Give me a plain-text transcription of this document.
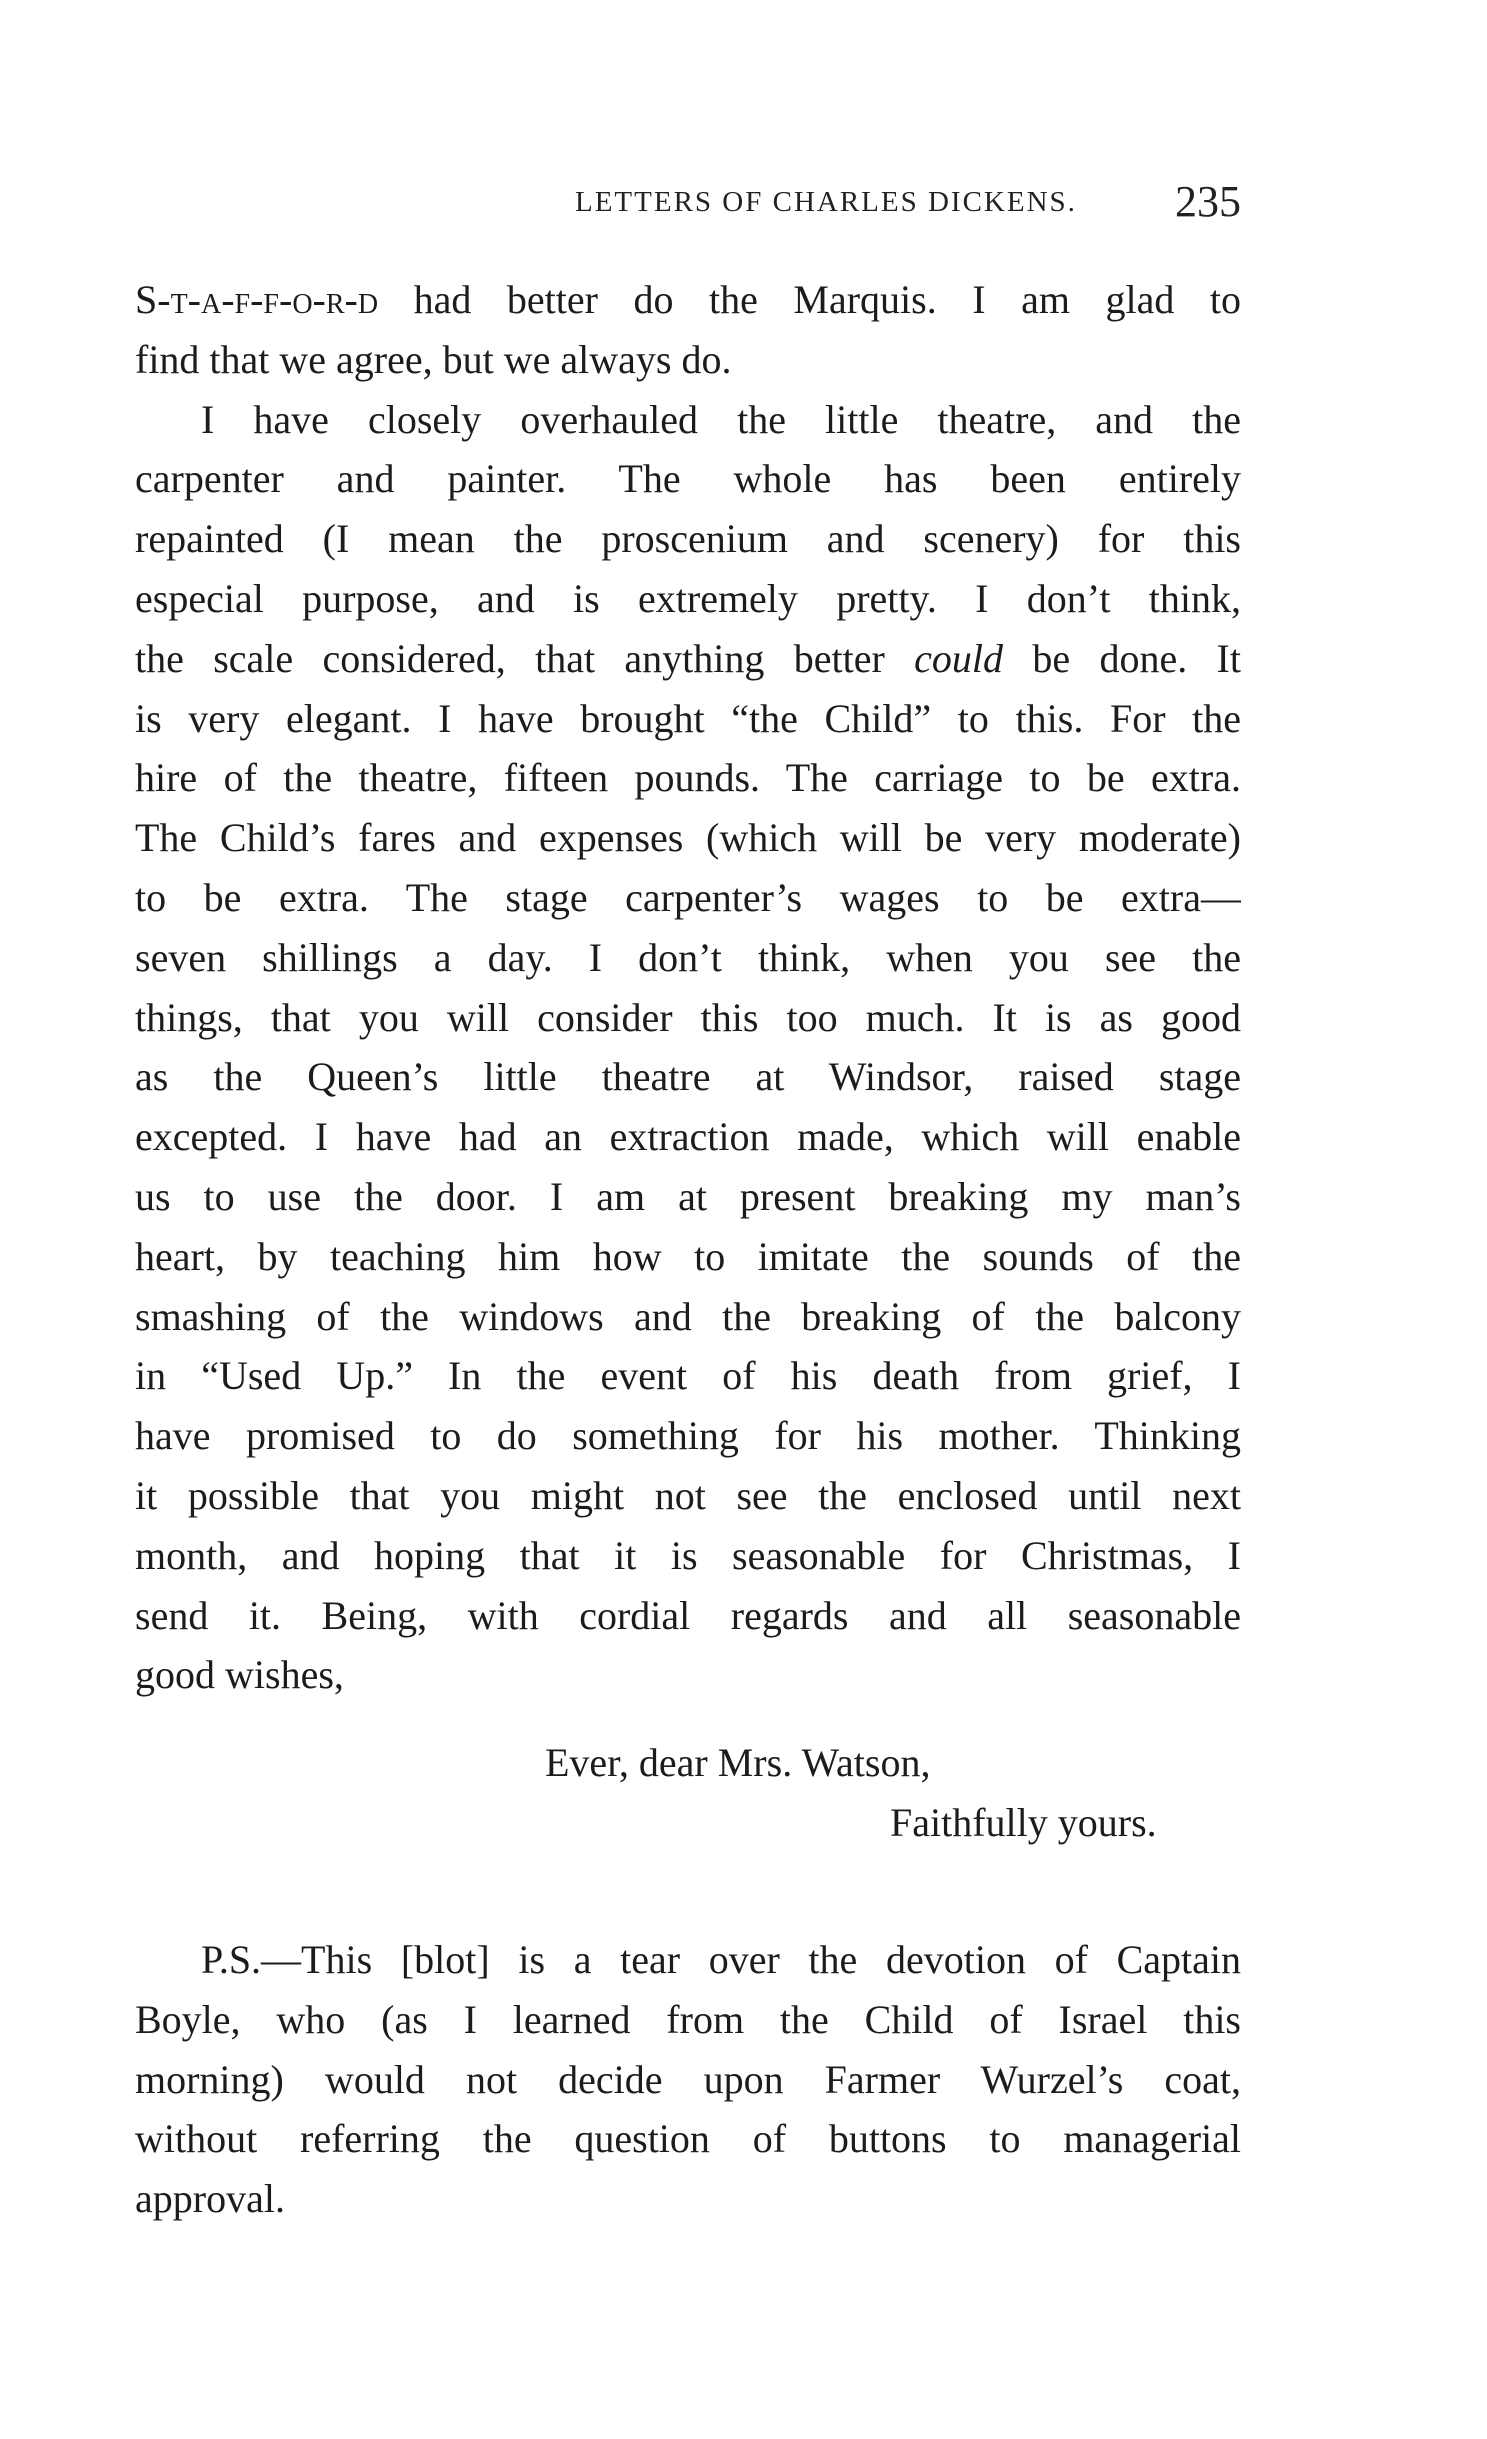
LETTERS OF CHARLES DICKENS. 235
S-t-a-f-f-o-r-d had better do the Marquis. I am glad to
find that we agree, but we always do.
I have closely overhauled the little theatre, and the
carpenter and painter. The whole has been entirely
repainted (I mean the proscenium and scenery) for this
especial purpose, and is extremely pretty. I don’t think,
the scale considered, that anything better could be done. It
is very elegant. I have brought “the Child” to this. For the
hire of the theatre, fifteen pounds. The carriage to be extra.
The Child’s fares and expenses (which will be very moderate)
to be extra. The stage carpenter’s wages to be extra—
seven shillings a day. I don’t think, when you see the
things, that you will consider this too much. It is as good
as the Queen’s little theatre at Windsor, raised stage
excepted. I have had an extraction made, which will enable
us to use the door. I am at present breaking my man’s
heart, by teaching him how to imitate the sounds of the
smashing of the windows and the breaking of the balcony
in “Used Up.” In the event of his death from grief, I
have promised to do something for his mother. Thinking
it possible that you might not see the enclosed until next
month, and hoping that it is seasonable for Christmas, I
send it. Being, with cordial regards and all seasonable
good wishes,
Ever, dear Mrs. Watson,
Faithfully yours.
P.S.—This [blot] is a tear over the devotion of Captain
Boyle, who (as I learned from the Child of Israel this
morning) would not decide upon Farmer Wurzel’s coat,
without referring the question of buttons to managerial
approval.
